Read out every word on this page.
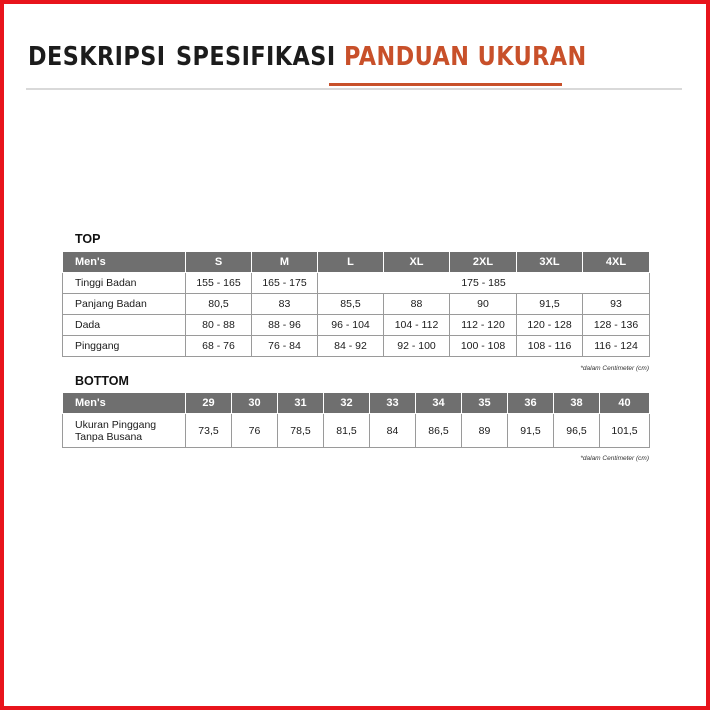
DESKRIPSI SPESIFIKASI PANDUAN UKURAN
TOP
Men's	S	M	L	XL	2XL	3XL	4XL
Tinggi Badan	155 - 165	165 - 175	175 - 185				
Panjang Badan	80,5	83	85,5	88	90	91,5	93
Dada	80 - 88	88 - 96	96 - 104	104 - 112	112 - 120	120 - 128	128 - 136
Pinggang	68 - 76	76 - 84	84 - 92	92 - 100	100 - 108	108 - 116	116 - 124
*dalam Centimeter (cm)
BOTTOM
Men's	29	30	31	32	33	34	35	36	38	40
Ukuran Pinggang
Tanpa Busana	73,5	76	78,5	81,5	84	86,5	89	91,5	96,5	101,5
*dalam Centimeter (cm)
